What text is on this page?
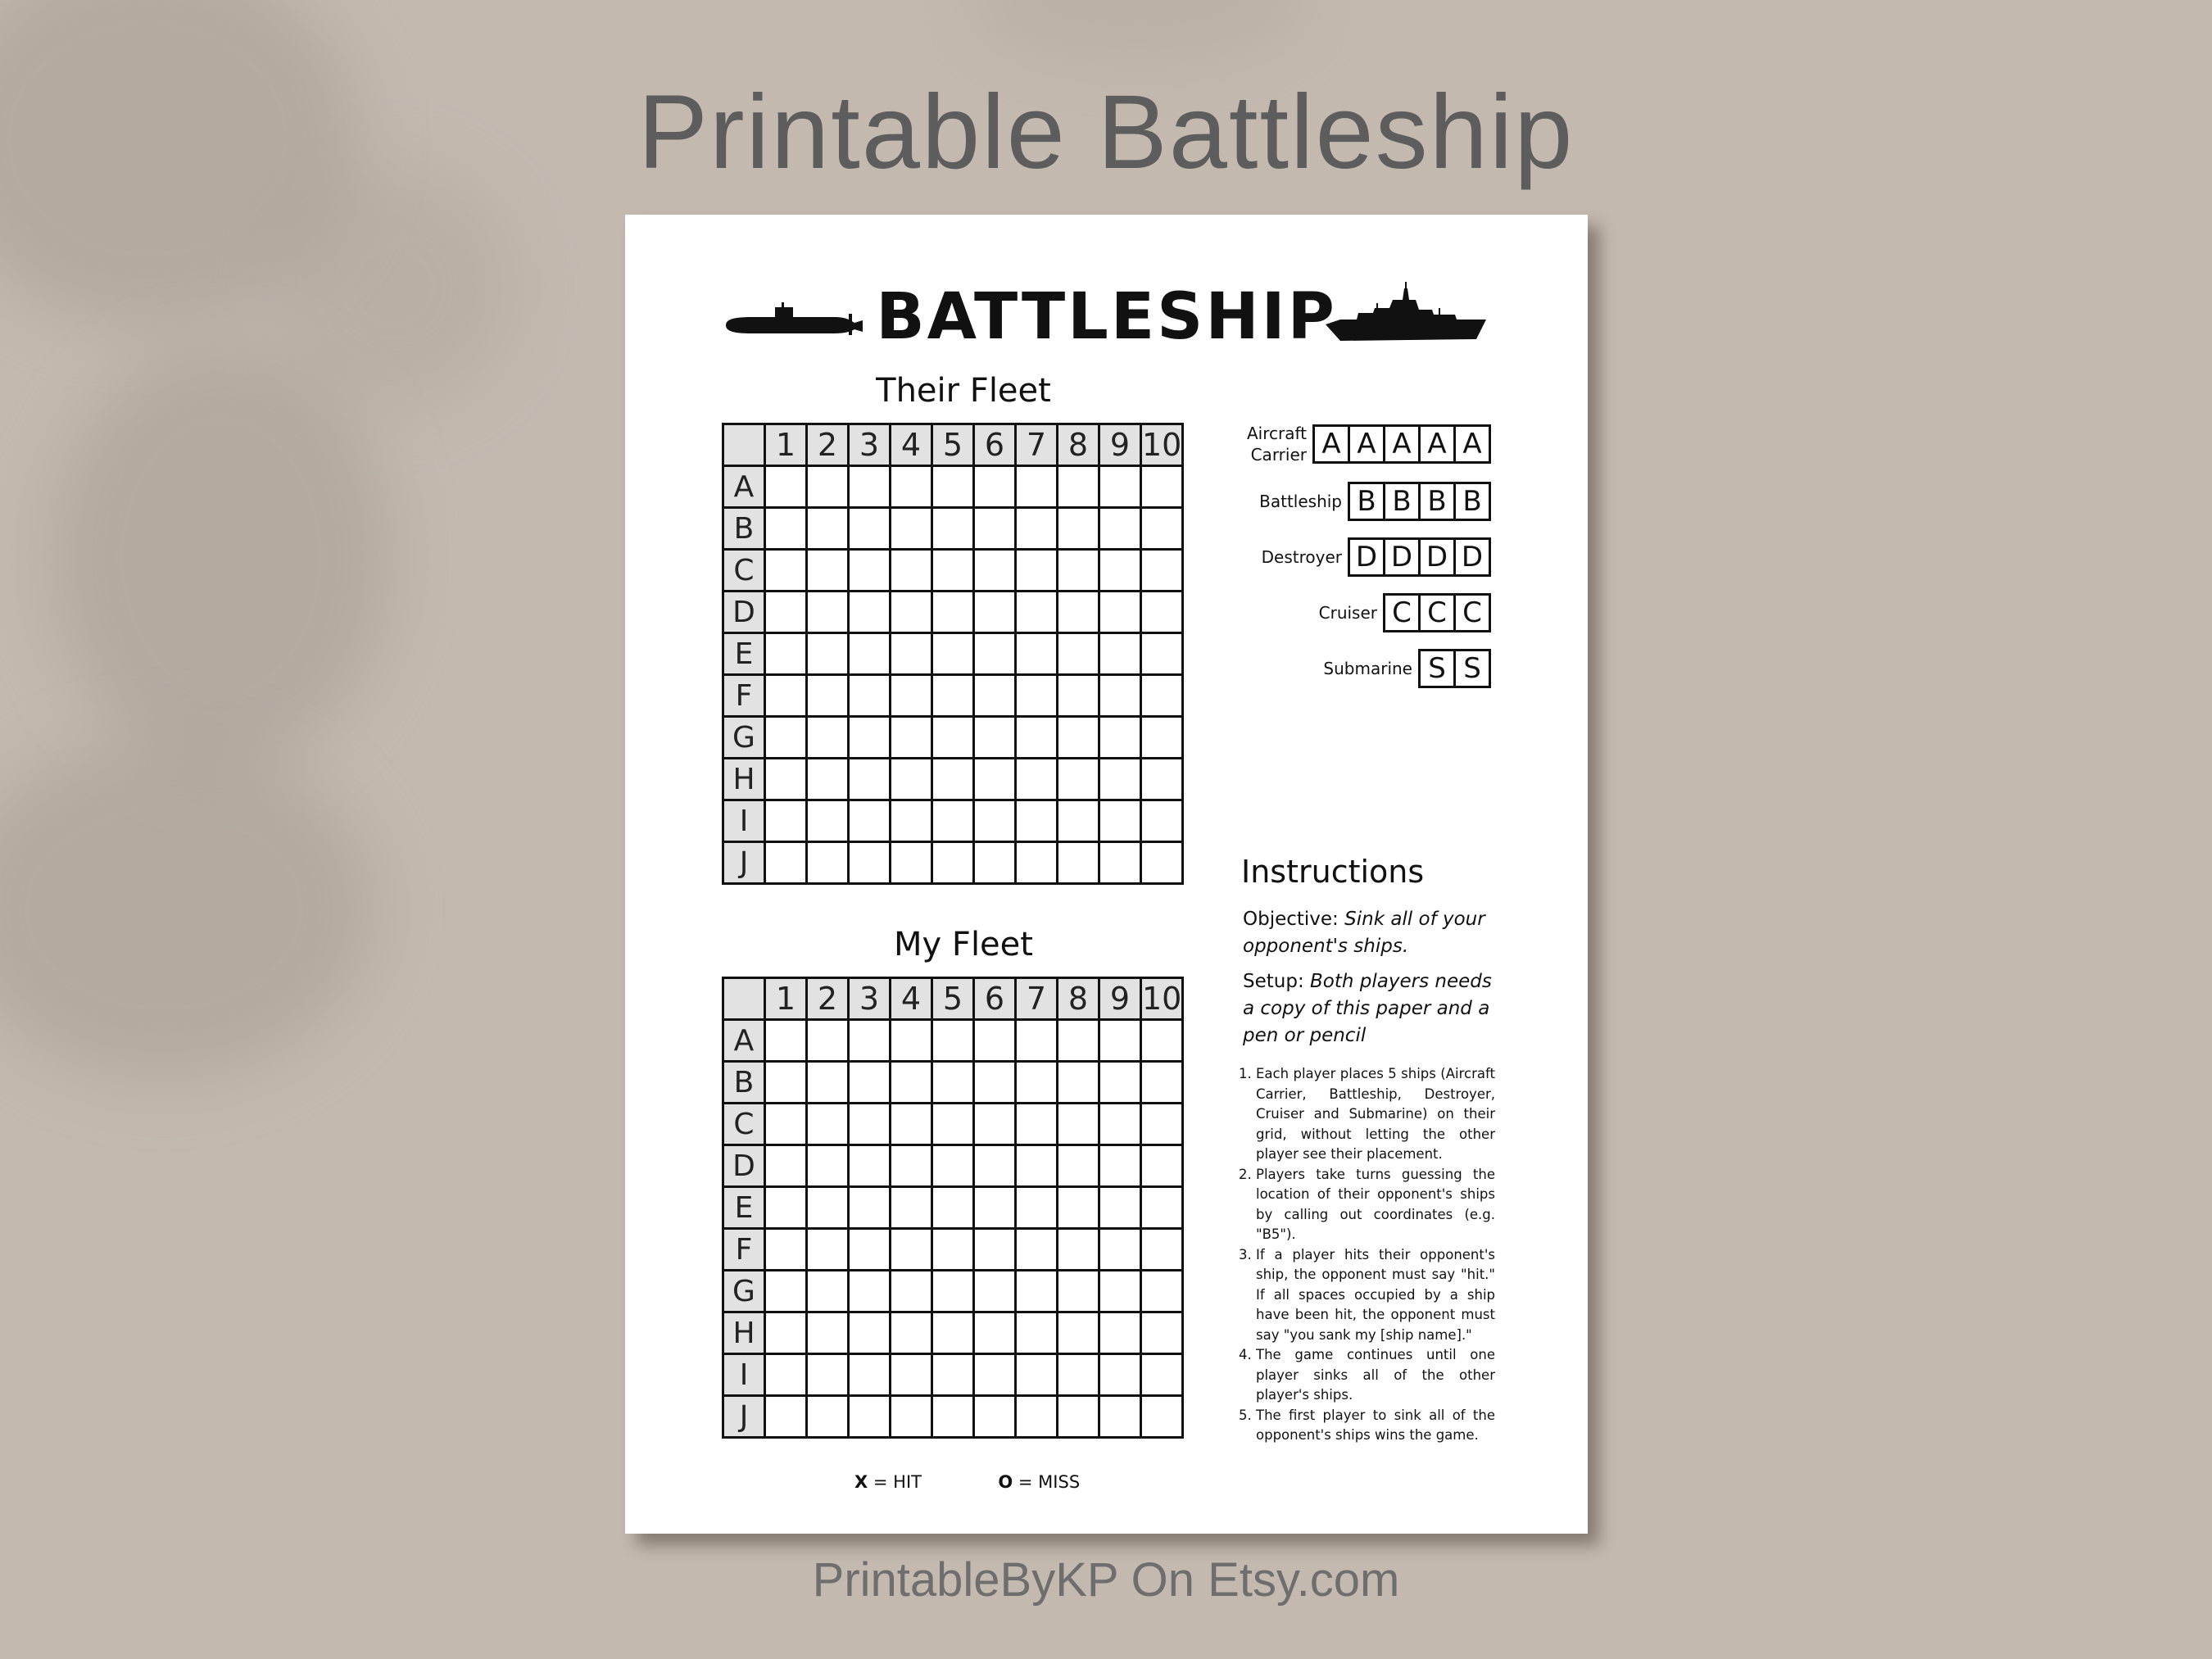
Printable Battleship
BATTLESHIP
Their Fleet
	1	2	3	4	5	6	7	8	9	10
A										
B										
C										
D										
E										
F										
G										
H										
I										
J										
My Fleet
	1	2	3	4	5	6	7	8	9	10
A										
B										
C										
D										
E										
F										
G										
H										
I										
J										
Aircraft
Carrier A A A A A
Battleship B B B B
Destroyer D D D D
Cruiser C C C
Submarine S S
Instructions
Objective: Sink all of your opponent's ships.
Setup: Both players needs a copy of this paper and a pen or pencil
1. Each player places 5 ships (Aircraft Carrier, Battleship, Destroyer, Cruiser and Submarine) on their grid, without letting the other player see their placement.
2. Players take turns guessing the location of their opponent's ships by calling out coordinates (e.g. "B5").
3. If a player hits their opponent's ship, the opponent must say "hit." If all spaces occupied by a ship have been hit, the opponent must say "you sank my [ship name]."
4. The game continues until one player sinks all of the other player's ships.
5. The first player to sink all of the opponent's ships wins the game.
X = HIT	O = MISS
PrintableByKP On Etsy.com
